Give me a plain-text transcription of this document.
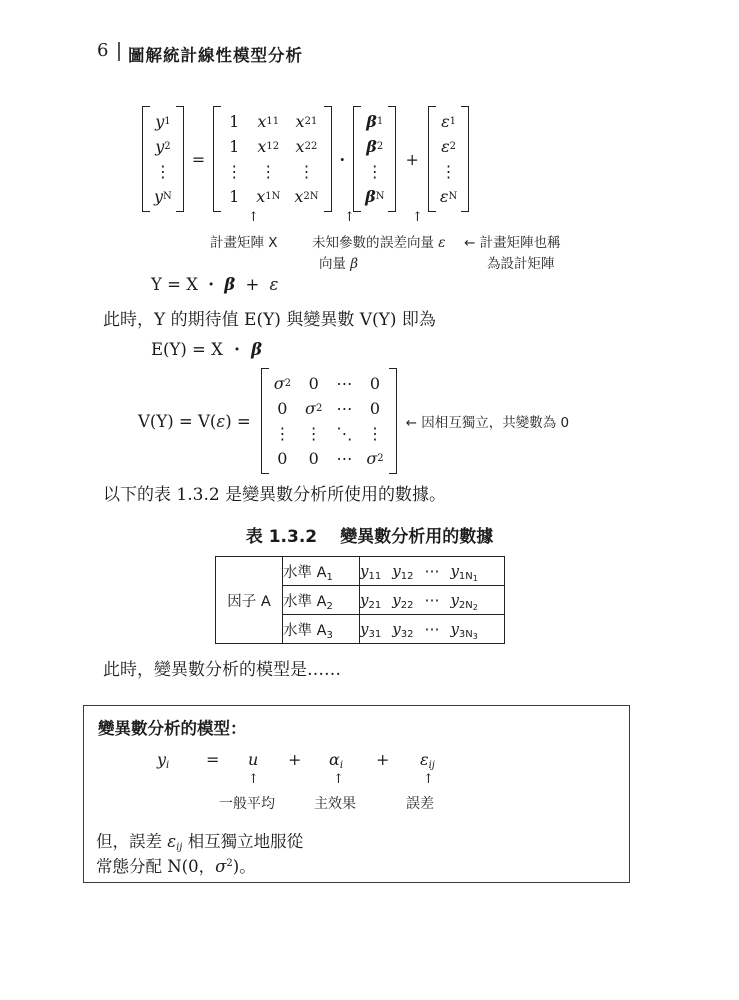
6 圖解統計線性模型分析
y 1
y 2
⋮
y N
=
1 x 11 x 21
1 x 12 x 22
⋮ ⋮ ⋮
1 x 1N x 2N
·
β 1
β 2
⋮
β N
+
ε 1
ε 2
⋮
ε N
↑	↑	↑
計畫矩陣 X	未知參數的
向量 β
誤差向量 ε ← 計畫矩陣也稱
為設計矩陣
Y = X · β + ε
此時，Y 的期待值 E(Y) 與變異數 V(Y) 即為
E(Y) = X · β
V(Y) = V(ε) =
σ 2 0 ⋯ 0
0 σ 2 ⋯ 0
⋮ ⋮ ⋱ ⋮
0 0 ⋯ σ 2
← 因相互獨立，共變數為 0
以下的表 1.3.2 是變異數分析所使用的數據。
表 1.3.2 變異數分析用的數據
因子 A	水準 $A_1$	$y_{11}$ $y_{12}$ ⋯ $y_{1N_1}$

	水準 $A_2$	$y_{21}$ $y_{22}$ ⋯ $y_{2N_2}$

	水準 $A_3$	$y_{31}$ $y_{32}$ ⋯ $y_{3N_3}$
此時，變異數分析的模型是……
變異數分析的模型：
$y_i = u + \alpha_i + \varepsilon_{ij}$
↑	↑	↑
一般平均	主效果	誤差
但，誤差 $\varepsilon_{ij}$ 相互獨立地服從
常態分配 N(0，$\sigma^2$)。
